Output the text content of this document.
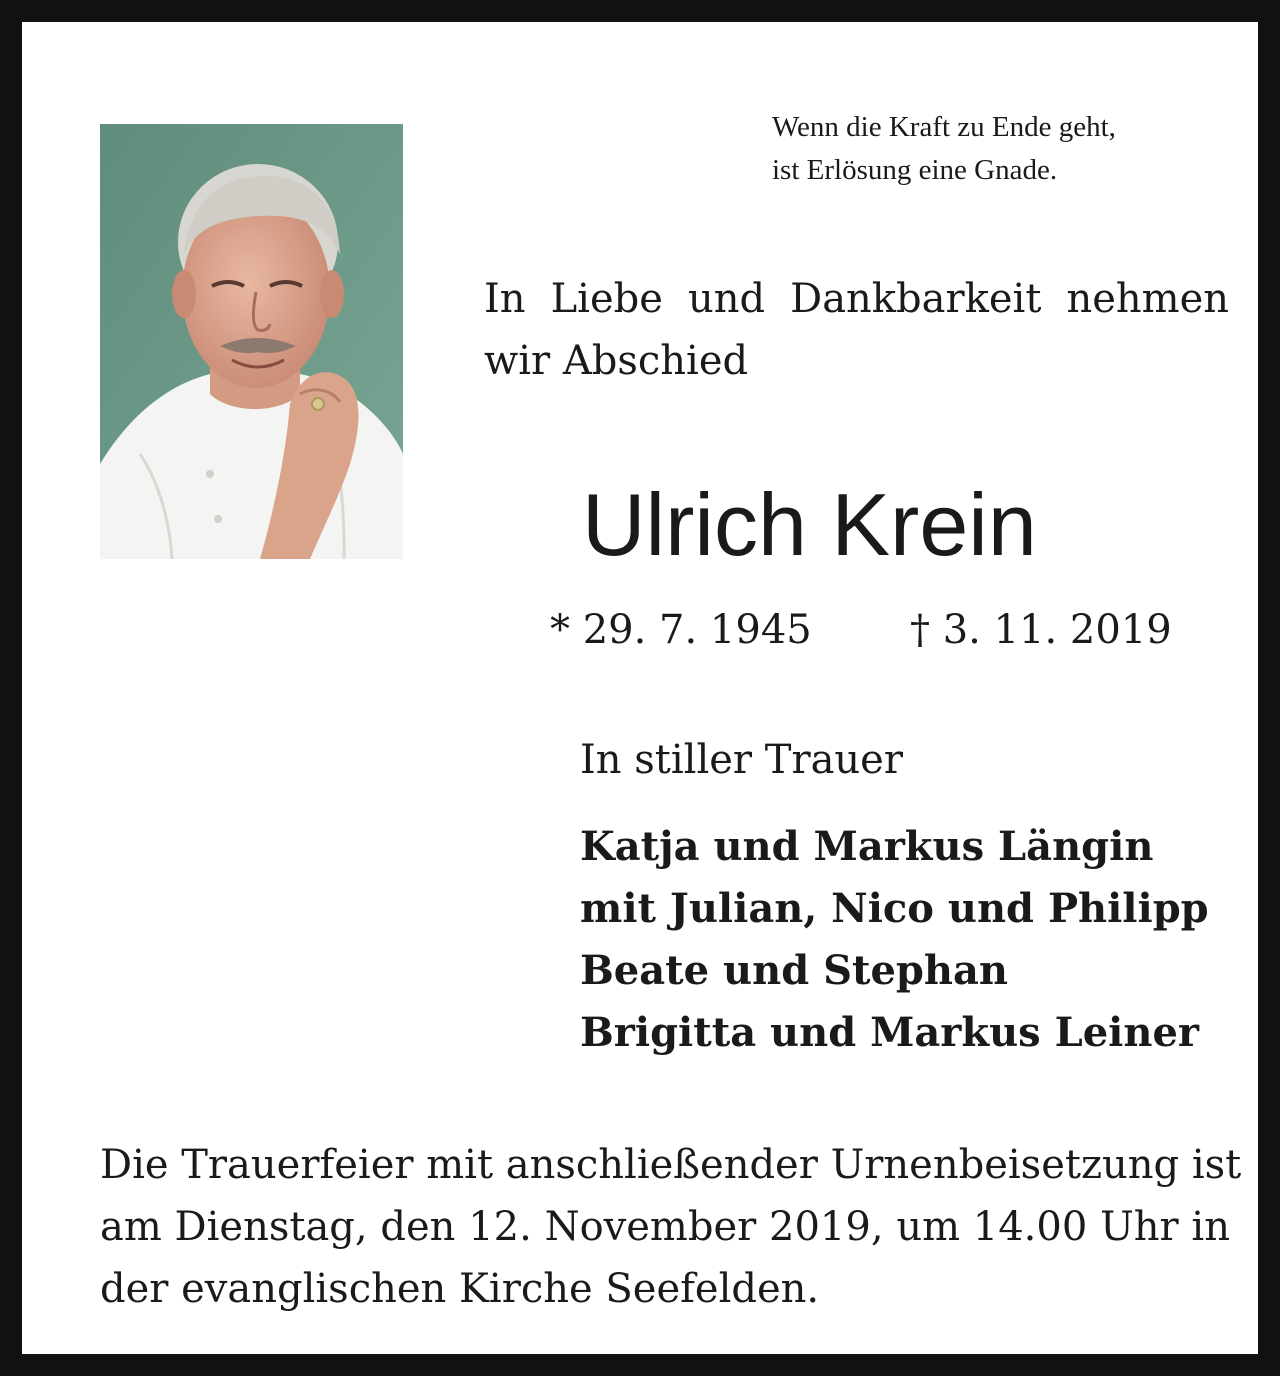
Wenn die Kraft zu Ende geht,
ist Erlösung eine Gnade.
In Liebe und Dankbarkeit nehmen
wir Abschied
Ulrich Krein
* 29. 7. 1945 † 3. 11. 2019
In stiller Trauer
Katja und Markus Längin
mit Julian, Nico und Philipp
Beate und Stephan
Brigitta und Markus Leiner
Die Trauerfeier mit anschließender Urnenbeisetzung ist
am Dienstag, den 12. November 2019, um 14.00 Uhr in
der evanglischen Kirche Seefelden.
